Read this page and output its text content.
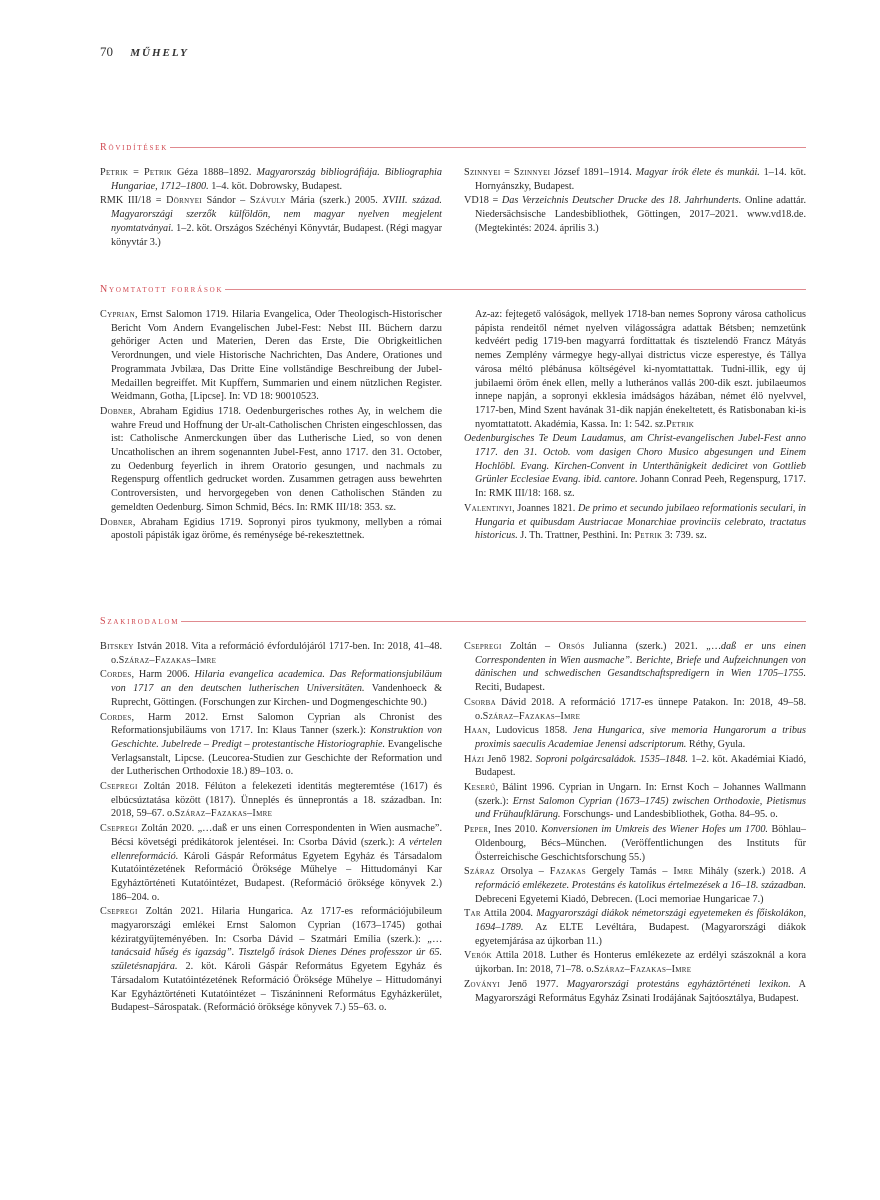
70 MŰHELY
Rövidítések

Petrik = Petrik Géza 1888–1892. Magyarország bibliográfiája. Bibliographia Hungariae, 1712–1800. 1–4. köt. Dobrowsky, Budapest.

RMK III/18 = Dörnyei Sándor – Szávuly Mária (szerk.) 2005. XVIII. század. Magyarországi szerzők külföldön, nem magyar nyelven megjelent nyomtatványai. 1–2. köt. Országos Széchényi Könyvtár, Budapest. (Régi magyar könyvtár 3.)

Szinnyei = Szinnyei József 1891–1914. Magyar írók élete és munkái. 1–14. köt. Hornyánszky, Budapest.

VD18 = Das Verzeichnis Deutscher Drucke des 18. Jahrhunderts. Online adattár. Niedersächsische Landesbibliothek, Göttingen, 2017–2021. www.vd18.de. (Megtekintés: 2024. április 3.)

Nyomtatott források

Cyprian, Ernst Salomon 1719. Hilaria Evangelica, Oder Theologisch-Historischer Bericht Vom Andern Evangelischen Jubel-Fest: Nebst III. Büchern darzu gehöriger Acten und Materien, Deren das Erste, Die Obrigkeitlichen Verordnungen, und viele Historische Nachrichten, Das Andere, Orationes und Programmata Jvbilæa, Das Dritte Eine vollständige Beschreibung der Jubel-Medaillen begreiffet. Mit Kupffern, Summarien und einem nützlichen Register. Weidmann, Gotha, [Lipcse]. In: VD 18: 90010523.

Dobner, Abraham Egidius 1718. Oedenburgerisches rothes Ay, in welchem die wahre Freud und Hoffnung der Ur-alt-Catholischen Christen eingeschlossen, das ist: Catholische Anmerckungen über das Lutherische Lied, so von denen Uncatholischen an ihrem sogenannten Jubel-Fest, anno 1717. den 31. October, zu Oedenburg feyerlich in ihrem Oratorio gesungen, und nachmals zu Regenspurg offentlich gedrucket worden. Zusammen getragen auss bewehrten Controversisten, und hervorgegeben von denen Catholischen Ständen zu gemeldten Oedenburg. Simon Schmid, Bécs. In: RMK III/18: 353. sz.

Dobner, Abraham Egidius 1719. Sopronyi piros tyukmony, mellyben a római apostoli pápisták igaz öröme, és reménysége bé-rekesztettnek.

Az-az: fejtegető valóságok, mellyek 1718-ban nemes Soprony városa catholicus pápista rendeitől német nyelven világosságra adattak Bétsben; nemzetünk kedvéért pedig 1719-ben magyarrá fordíttattak és tisztelendö Francz Mátyás nemes Zemplény vármegye hegy-allyai districtus vicze esperestye, és Tállya városa méltó plébánusa költségével ki-nyomtattattak. Tudni-illik, egy új jubilaemi öröm ének ellen, melly a lutherános vallás 200-dik eszt. jubilaeumos innepe napján, a sopronyi ekklesia imádságos házában, német élö nyelvvel, 1717-ben, Mind Szent havának 31-dik napján énekeltetett, és Ratisbonaban ki-is nyomtattatott. Akadémia, Kassa. In: 1: 542. sz.Petrik

Oedenburgisches Te Deum Laudamus, am Christ-evangelischen Jubel-Fest anno 1717. den 31. Octob. vom dasigen Choro Musico abgesungen und Einem Hochlöbl. Evang. Kirchen-Convent in Unterthänigkeit dediciret von Gottlieb Grünler Ecclesiae Evang. ibid. cantore. Johann Conrad Peeh, Regenspurg, 1717. In: RMK III/18: 168. sz.

Valentinyi, Joannes 1821. De primo et secundo jubilaeo reformationis seculari, in Hungaria et quibusdam Austriacae Monarchiae provinciis celebrato, tractatus historicus. J. Th. Trattner, Pesthini. In: Petrik 3: 739. sz.

Szakirodalom

Bitskey István 2018. Vita a reformáció évfordulójáról 1717-ben. In: 2018, 41–48. o.Száraz–Fazakas–Imre

Cordes, Harm 2006. Hilaria evangelica academica. Das Reformationsjubiläum von 1717 an den deutschen lutherischen Universitäten. Vandenhoeck & Ruprecht, Göttingen. (Forschungen zur Kirchen- und Dogmengeschichte 90.)

Cordes, Harm 2012. Ernst Salomon Cyprian als Chronist des Reformationsjubiläums von 1717. In: Klaus Tanner (szerk.): Konstruktion von Geschichte. Jubelrede – Predigt – protestantische Historiographie. Evangelische Verlagsanstalt, Lipcse. (Leucorea-Studien zur Geschichte der Reformation und der Lutherischen Orthodoxie 18.) 89–103. o.

Csepregi Zoltán 2018. Félúton a felekezeti identitás megteremtése (1617) és elbúcsúztatása között (1817). Ünneplés és ünneprontás a 18. században. In: 2018, 59–67. o.Száraz–Fazakas–Imre

Csepregi Zoltán 2020. „…daß er uns einen Correspondenten in Wien ausmache”. Bécsi követségi prédikátorok jelentései. In: Csorba Dávid (szerk.): A vértelen ellenreformáció. Károli Gáspár Református Egyetem Egyház és Társadalom Kutatóintézetének Reformáció Öröksége Műhelye – Hittudományi Kar Egyháztörténeti Kutatóintézet, Budapest. (Reformáció öröksége könyvek 2.) 186–204. o.

Csepregi Zoltán 2021. Hilaria Hungarica. Az 1717-es reformációjubileum magyarországi emlékei Ernst Salomon Cyprian (1673–1745) gothai kéziratgyűjteményében. In: Csorba Dávid – Szatmári Emília (szerk.): „…tanácsaid hűség és igazság”. Tisztelgő írások Dienes Dénes professzor úr 65. születésnapjára. 2. köt. Károli Gáspár Református Egyetem Egyház és Társadalom Kutatóintézetének Reformáció Öröksége Műhelye – Hittudományi Kar Egyháztörténeti Kutatóintézet – Tiszáninneni Református Egyházkerület, Budapest–Sárospatak. (Reformáció öröksége könyvek 7.) 55–63. o.

Csepregi Zoltán – Orsós Julianna (szerk.) 2021. „…daß er uns einen Correspondenten in Wien ausmache”. Berichte, Briefe und Aufzeichnungen von dänischen und schwedischen Gesandtschaftspredigern in Wien 1705–1755. Reciti, Budapest.

Csorba Dávid 2018. A reformáció 1717-es ünnepe Patakon. In: 2018, 49–58. o.Száraz–Fazakas–Imre

Haan, Ludovicus 1858. Jena Hungarica, sive memoria Hungarorum a tribus proximis saeculis Academiae Jenensi adscriptorum. Réthy, Gyula.

Házi Jenő 1982. Soproni polgárcsaládok. 1535–1848. 1–2. köt. Akadémiai Kiadó, Budapest.

Keserű, Bálint 1996. Cyprian in Ungarn. In: Ernst Koch – Johannes Wallmann (szerk.): Ernst Salomon Cyprian (1673–1745) zwischen Orthodoxie, Pietismus und Frühaufklärung. Forschungs- und Landesbibliothek, Gotha. 84–95. o.

Peper, Ines 2010. Konversionen im Umkreis des Wiener Hofes um 1700. Böhlau–Oldenbourg, Bécs–München. (Veröffentlichungen des Instituts für Österreichische Geschichtsforschung 55.)

Száraz Orsolya – Fazakas Gergely Tamás – Imre Mihály (szerk.) 2018. A reformáció emlékezete. Protestáns és katolikus értelmezések a 16–18. században. Debreceni Egyetemi Kiadó, Debrecen. (Loci memoriae Hungaricae 7.)

Tar Attila 2004. Magyarországi diákok németországi egyetemeken és főiskolákon, 1694–1789. Az ELTE Levéltára, Budapest. (Magyarországi diákok egyetemjárása az újkorban 11.)

Verók Attila 2018. Luther és Honterus emlékezete az erdélyi szászoknál a kora újkorban. In: 2018, 71–78. o.Száraz–Fazakas–Imre

Zoványi Jenő 1977. Magyarországi protestáns egyháztörténeti lexikon. A Magyarországi Református Egyház Zsinati Irodájának Sajtóosztálya, Budapest.
